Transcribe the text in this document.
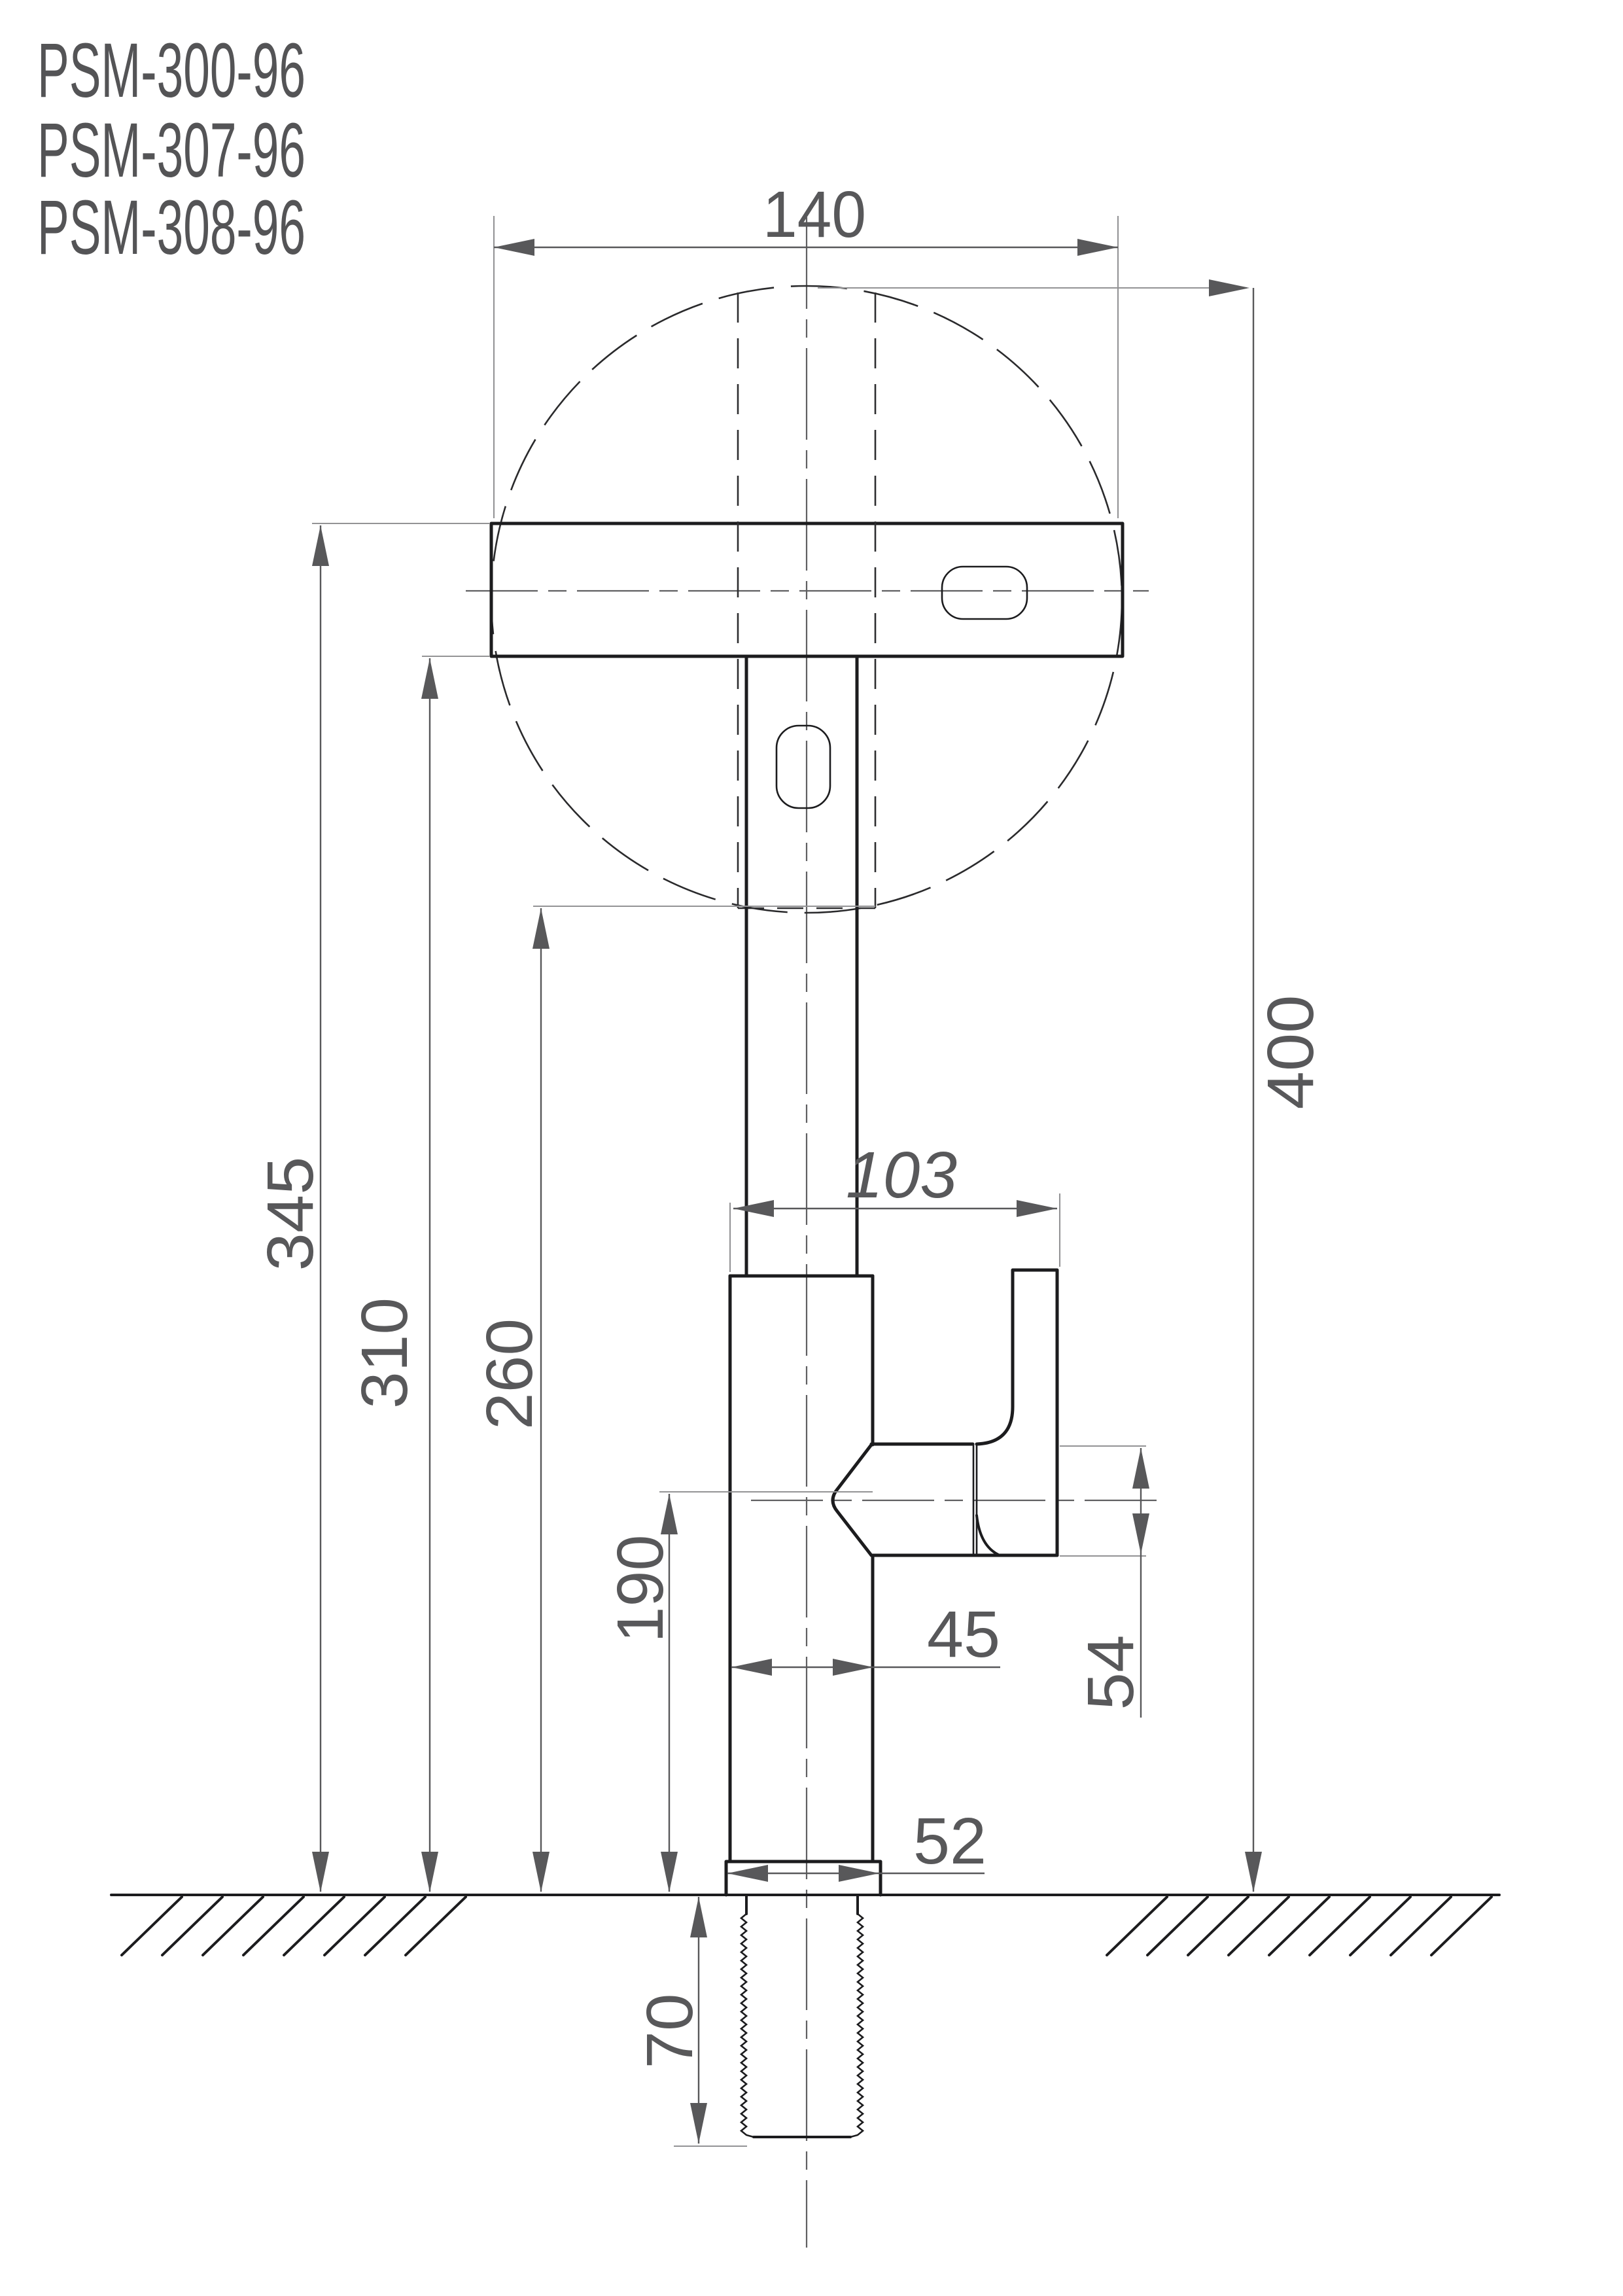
140
400
345
310 260
190
103
45
54
52
70
PSM-300-96
PSM-307-96
PSM-308-96
